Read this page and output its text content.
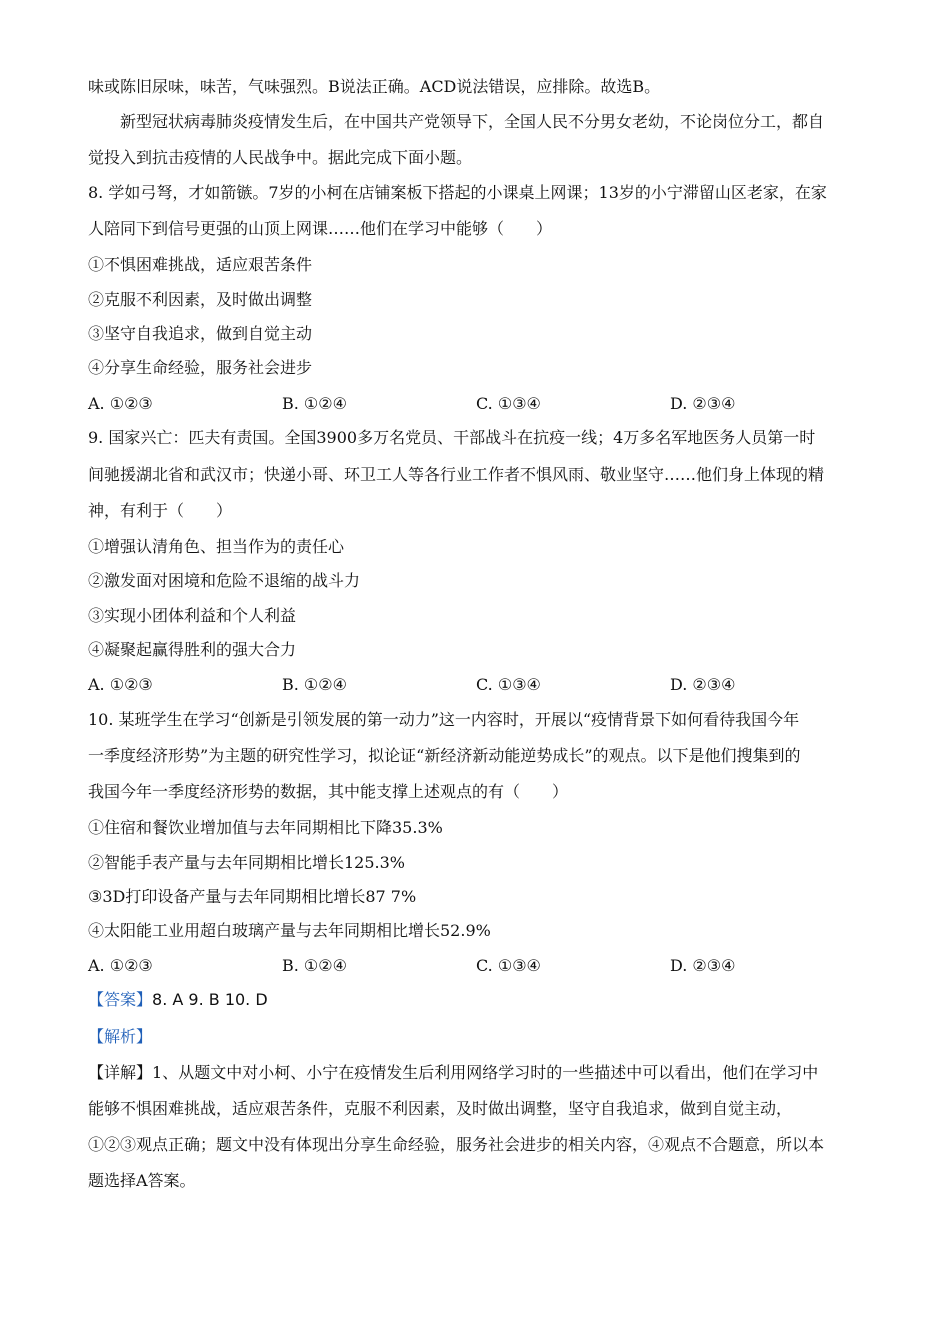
味或陈旧尿味，味苦，气味强烈。B说法正确。ACD说法错误，应排除。故选B。
新型冠状病毒肺炎疫情发生后，在中国共产党领导下，全国人民不分男女老幼，不论岗位分工，都自
觉投入到抗击疫情的人民战争中。据此完成下面小题。
8. 学如弓弩，才如箭镞。7岁的小柯在店铺案板下搭起的小课桌上网课；13岁的小宁滞留山区老家，在家
人陪同下到信号更强的山顶上网课……他们在学习中能够（　　）
①不惧困难挑战，适应艰苦条件
②克服不利因素，及时做出调整
③坚守自我追求，做到自觉主动
④分享生命经验，服务社会进步
A. ①②③	B. ①②④	C. ①③④	D. ②③④
9. 国家兴亡：匹夫有责国。全国3900多万名党员、干部战斗在抗疫一线；4万多名军地医务人员第一时
间驰援湖北省和武汉市；快递小哥、环卫工人等各行业工作者不惧风雨、敬业坚守……他们身上体现的精
神，有利于（　　）
①增强认清角色、担当作为的责任心
②激发面对困境和危险不退缩的战斗力
③实现小团体利益和个人利益
④凝聚起赢得胜利的强大合力
A. ①②③	B. ①②④	C. ①③④	D. ②③④
10. 某班学生在学习“创新是引领发展的第一动力”这一内容时，开展以“疫情背景下如何看待我国今年
一季度经济形势”为主题的研究性学习，拟论证“新经济新动能逆势成长”的观点。以下是他们搜集到的
我国今年一季度经济形势的数据，其中能支撑上述观点的有（　　）
①住宿和餐饮业增加值与去年同期相比下降35.3%
②智能手表产量与去年同期相比增长125.3%
③3D打印设备产量与去年同期相比增长87 7%
④太阳能工业用超白玻璃产量与去年同期相比增长52.9%
A. ①②③	B. ①②④	C. ①③④	D. ②③④
【答案】8. A 9. B 10. D
【解析】
【详解】1、从题文中对小柯、小宁在疫情发生后利用网络学习时的一些描述中可以看出，他们在学习中
能够不惧困难挑战，适应艰苦条件，克服不利因素，及时做出调整，坚守自我追求，做到自觉主动，
①②③观点正确；题文中没有体现出分享生命经验，服务社会进步的相关内容，④观点不合题意，所以本
题选择A答案。
